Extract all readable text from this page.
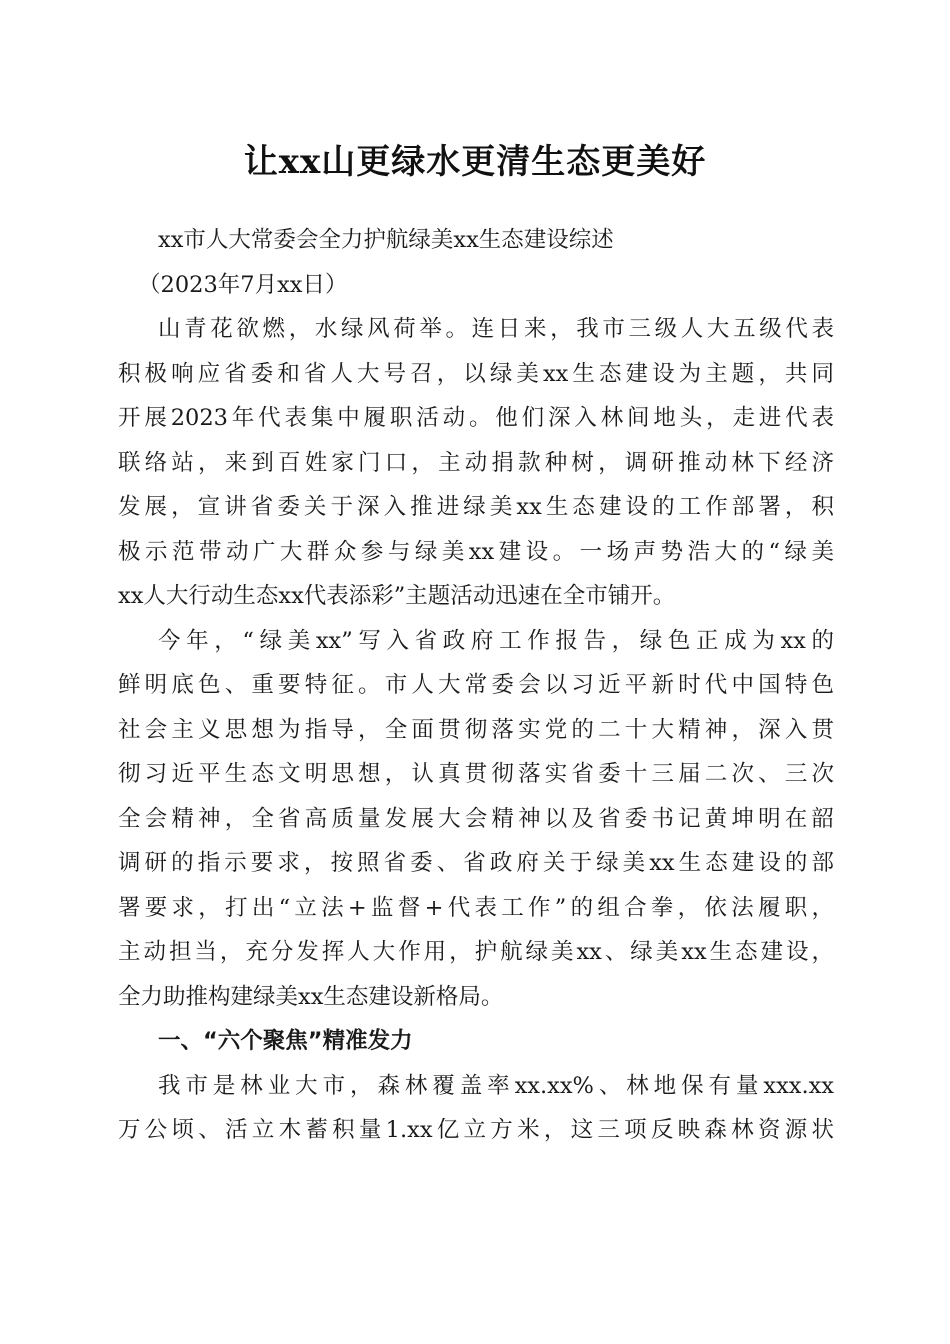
让xx山更绿水更清生态更美好
xx市人大常委会全力护航绿美xx生态建设综述
（2023年7月xx日）
山青花欲燃，水绿风荷举。连日来，我市三级人大五级代表
积极响应省委和省人大号召，以绿美xx生态建设为主题，共同
开展2023年代表集中履职活动。他们深入林间地头，走进代表
联络站，来到百姓家门口，主动捐款种树，调研推动林下经济
发展，宣讲省委关于深入推进绿美xx生态建设的工作部署，积
极示范带动广大群众参与绿美xx建设。一场声势浩大的“绿美
xx人大行动生态xx代表添彩”主题活动迅速在全市铺开。
今年，“绿美xx”写入省政府工作报告，绿色正成为xx的
鲜明底色、重要特征。市人大常委会以习近平新时代中国特色
社会主义思想为指导，全面贯彻落实党的二十大精神，深入贯
彻习近平生态文明思想，认真贯彻落实省委十三届二次、三次
全会精神，全省高质量发展大会精神以及省委书记黄坤明在韶
调研的指示要求，按照省委、省政府关于绿美xx生态建设的部
署要求，打出“立法+监督+代表工作”的组合拳，依法履职，
主动担当，充分发挥人大作用，护航绿美xx、绿美xx生态建设，
全力助推构建绿美xx生态建设新格局。
一、“六个聚焦”精准发力
我市是林业大市，森林覆盖率xx.xx%、林地保有量xxx.xx
万公顷、活立木蓄积量1.xx亿立方米，这三项反映森林资源状
